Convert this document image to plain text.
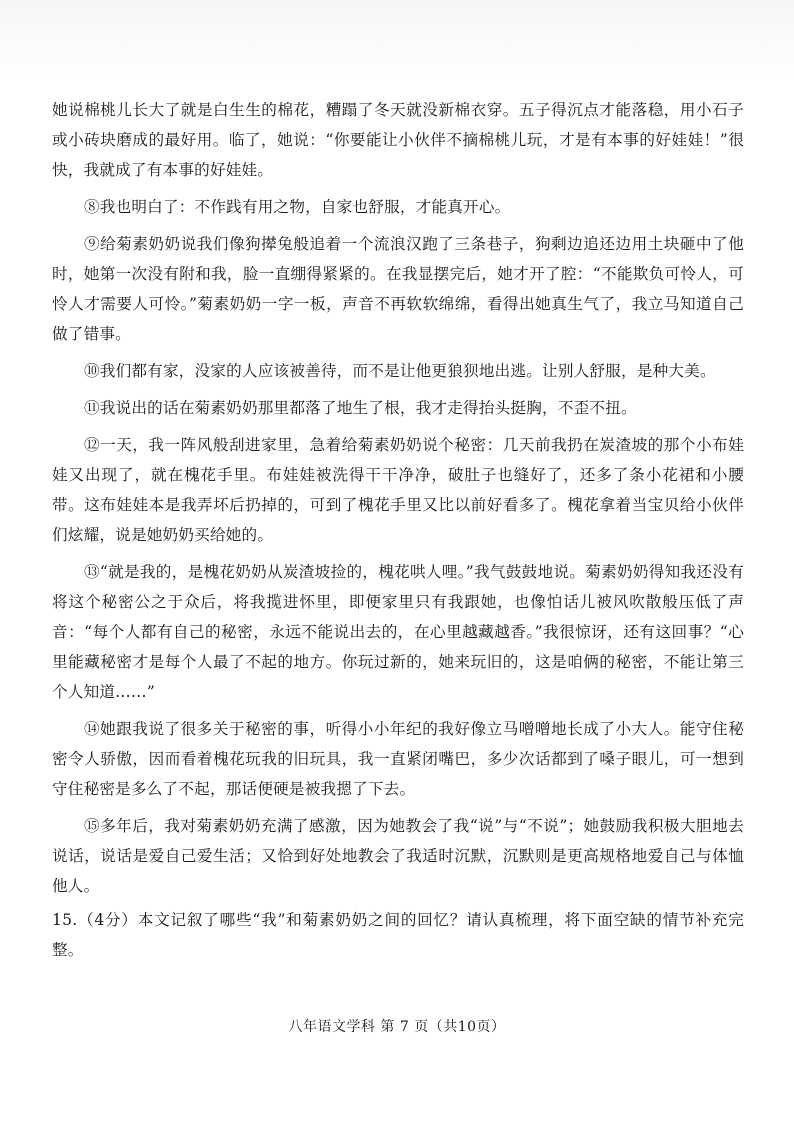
她说棉桃儿长大了就是白生生的棉花，糟蹋了冬天就没新棉衣穿。五子得沉点才能落稳，用小石子或小砖块磨成的最好用。临了，她说：“你要能让小伙伴不摘棉桃儿玩，才是有本事的好娃娃！”很快，我就成了有本事的好娃娃。

⑧我也明白了：不作践有用之物，自家也舒服，才能真开心。

⑨给菊素奶奶说我们像狗撵兔般追着一个流浪汉跑了三条巷子，狗剩边追还边用土块砸中了他时，她第一次没有附和我，脸一直绷得紧紧的。在我显摆完后，她才开了腔：“不能欺负可怜人，可怜人才需要人可怜。”菊素奶奶一字一板，声音不再软软绵绵，看得出她真生气了，我立马知道自己做了错事。

⑩我们都有家，没家的人应该被善待，而不是让他更狼狈地出逃。让别人舒服，是种大美。

⑪我说出的话在菊素奶奶那里都落了地生了根，我才走得抬头挺胸，不歪不扭。

⑫一天，我一阵风般刮进家里，急着给菊素奶奶说个秘密：几天前我扔在炭渣坡的那个小布娃娃又出现了，就在槐花手里。布娃娃被洗得干干净净，破肚子也缝好了，还多了条小花裙和小腰带。这布娃娃本是我弄坏后扔掉的，可到了槐花手里又比以前好看多了。槐花拿着当宝贝给小伙伴们炫耀，说是她奶奶买给她的。

⑬“就是我的，是槐花奶奶从炭渣坡捡的，槐花哄人哩。”我气鼓鼓地说。菊素奶奶得知我还没有将这个秘密公之于众后，将我揽进怀里，即便家里只有我跟她，也像怕话儿被风吹散般压低了声音：“每个人都有自己的秘密，永远不能说出去的，在心里越藏越香。”我很惊讶，还有这回事？“心里能藏秘密才是每个人最了不起的地方。你玩过新的，她来玩旧的，这是咱俩的秘密，不能让第三个人知道……”

⑭她跟我说了很多关于秘密的事，听得小小年纪的我好像立马噌噌地长成了小大人。能守住秘密令人骄傲，因而看着槐花玩我的旧玩具，我一直紧闭嘴巴，多少次话都到了嗓子眼儿，可一想到守住秘密是多么了不起，那话便硬是被我摁了下去。

⑮多年后，我对菊素奶奶充满了感激，因为她教会了我“说”与“不说”；她鼓励我积极大胆地去说话，说话是爱自己爱生活；又恰到好处地教会了我适时沉默，沉默则是更高规格地爱自己与体恤他人。

15.（4分）本文记叙了哪些“我”和菊素奶奶之间的回忆？请认真梳理，将下面空缺的情节补充完整。

八年语文学科 第 7 页（共10页）
